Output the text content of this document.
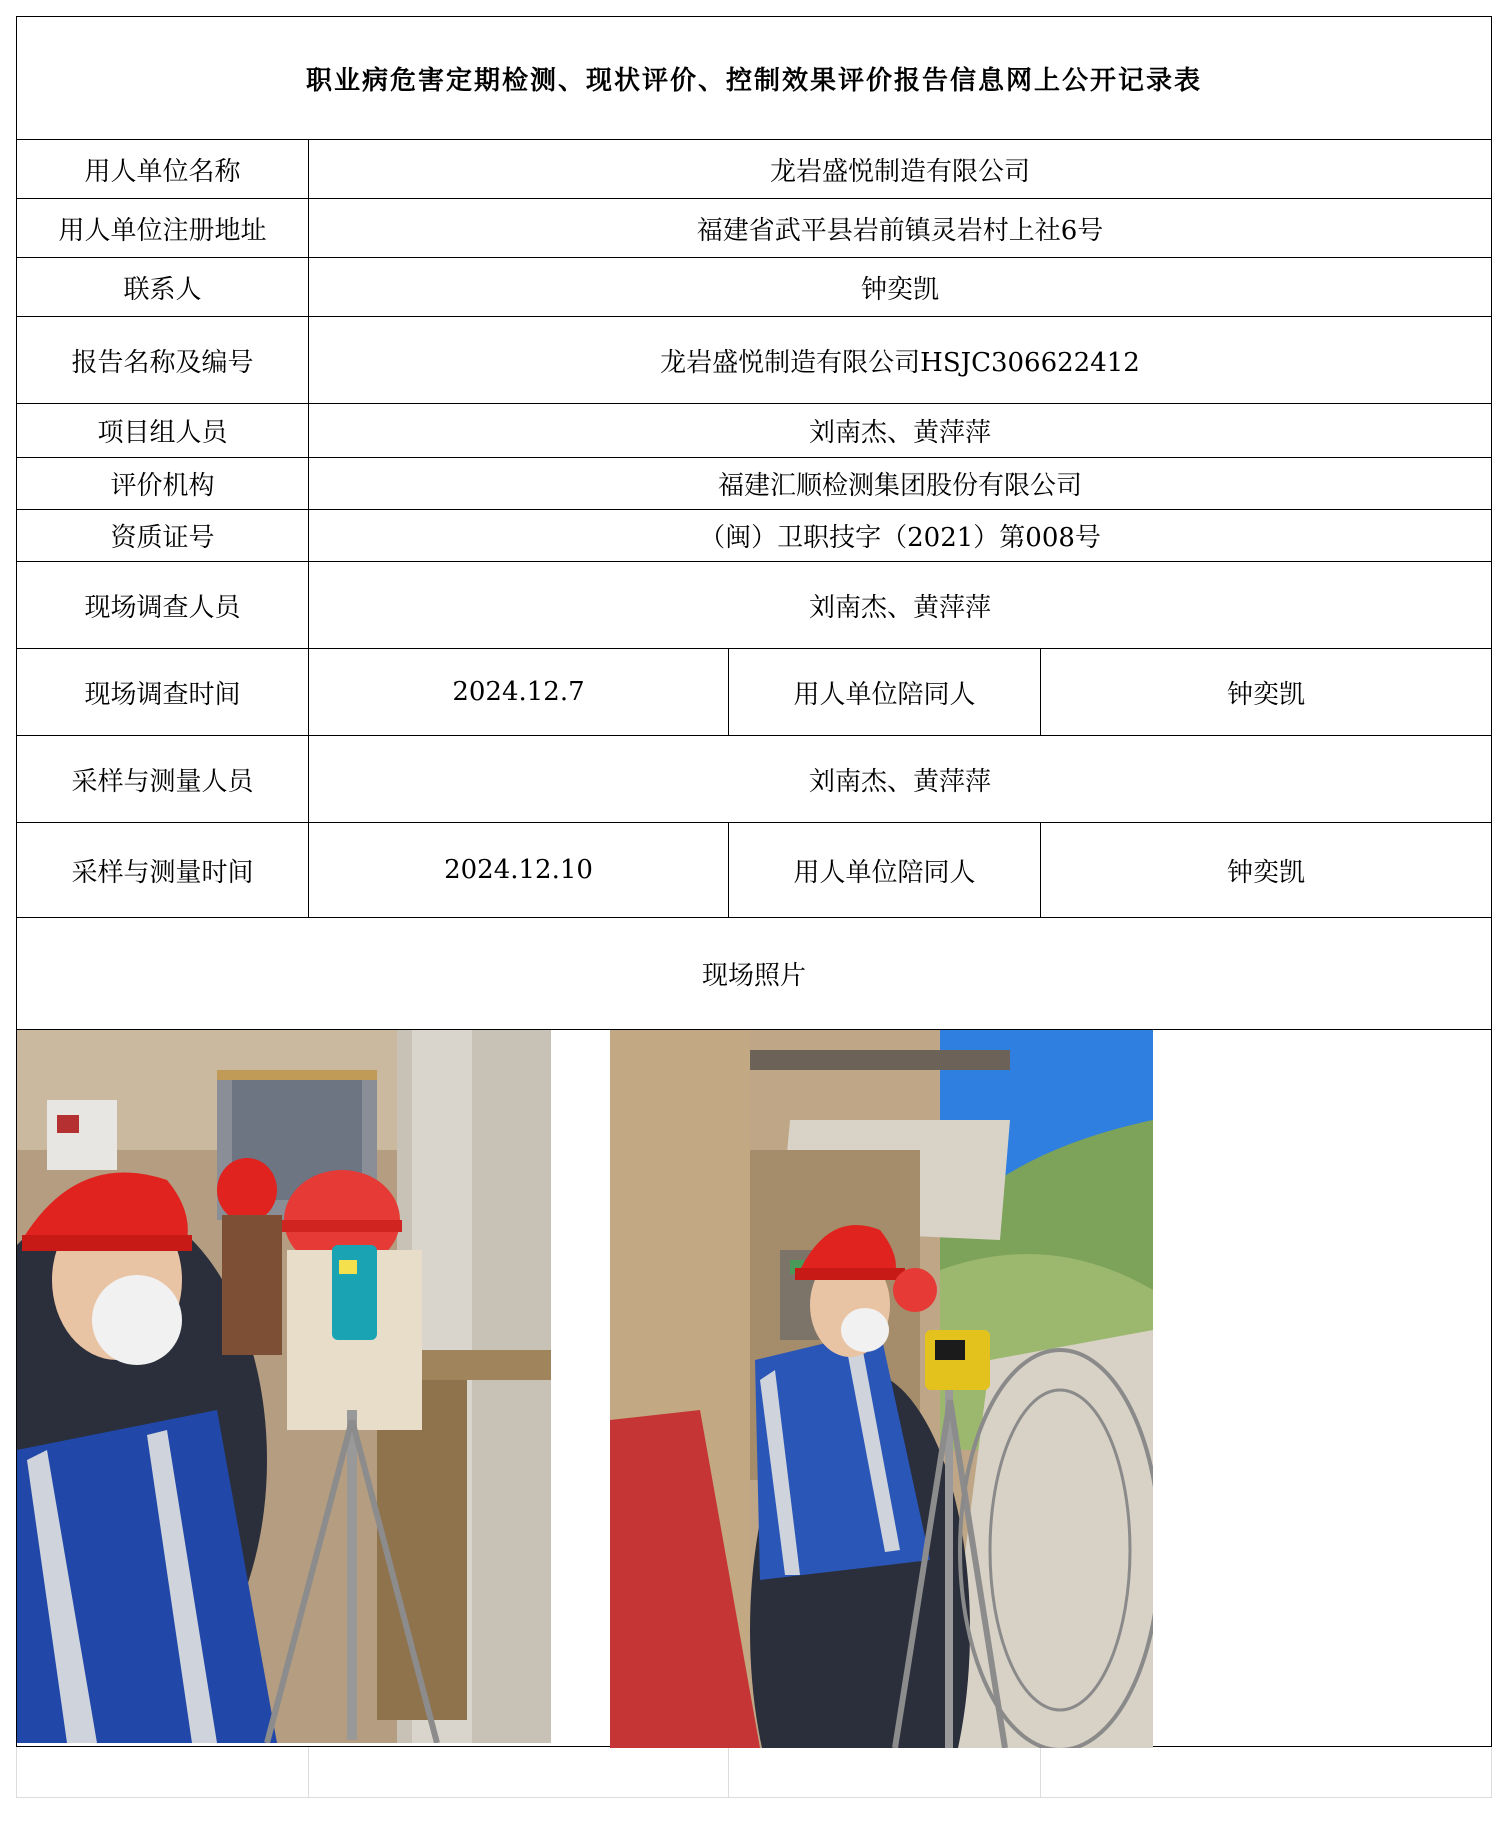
职业病危害定期检测、现状评价、控制效果评价报告信息网上公开记录表			
用人单位名称	龙岩盛悦制造有限公司		
用人单位注册地址	福建省武平县岩前镇灵岩村上社6号		
联系人	钟奕凯		
报告名称及编号	龙岩盛悦制造有限公司HSJC306622412		
项目组人员	刘南杰、黄萍萍		
评价机构	福建汇顺检测集团股份有限公司		
资质证号	（闽）卫职技字（2021）第008号		
现场调查人员	刘南杰、黄萍萍		
现场调查时间	2024.12.7	用人单位陪同人	钟奕凯
采样与测量人员	刘南杰、黄萍萍		
采样与测量时间	2024.12.10	用人单位陪同人	钟奕凯
现场照片			
